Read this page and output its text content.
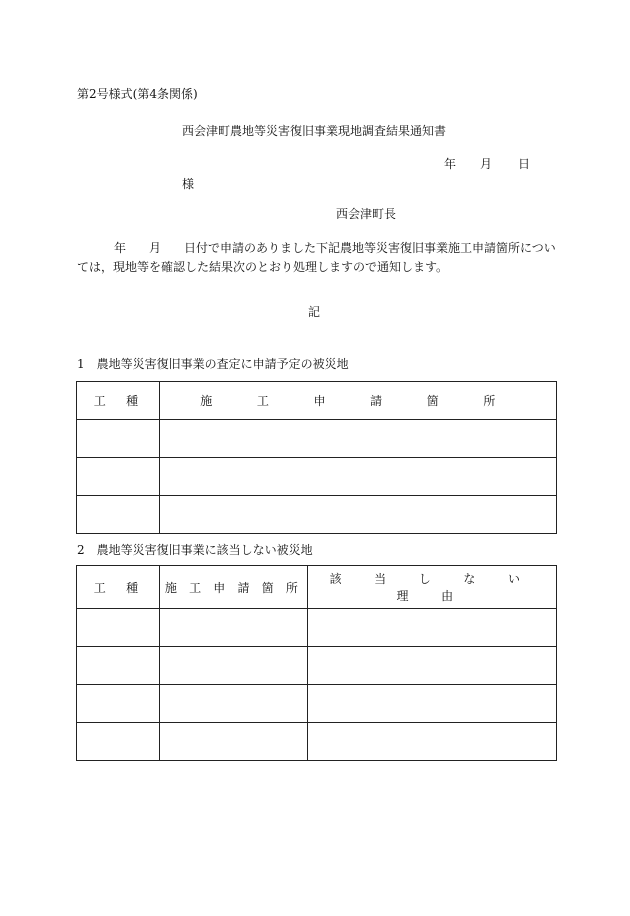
第2号様式(第4条関係)
西会津町農地等災害復旧事業現地調査結果通知書
年 月 日
様
西会津町長
年 月 日付で申請のありました下記農地等災害復旧事業施工申請箇所については，現地等を確認した結果次のとおり処理しますので通知します。
記
1　農地等災害復旧事業の査定に申請予定の被災地
工　種	施 工 申 請 箇 所

2　農地等災害復旧事業に該当しない被災地
工　種	施 工 申 請 箇 所	該 当 し な い 理 由
